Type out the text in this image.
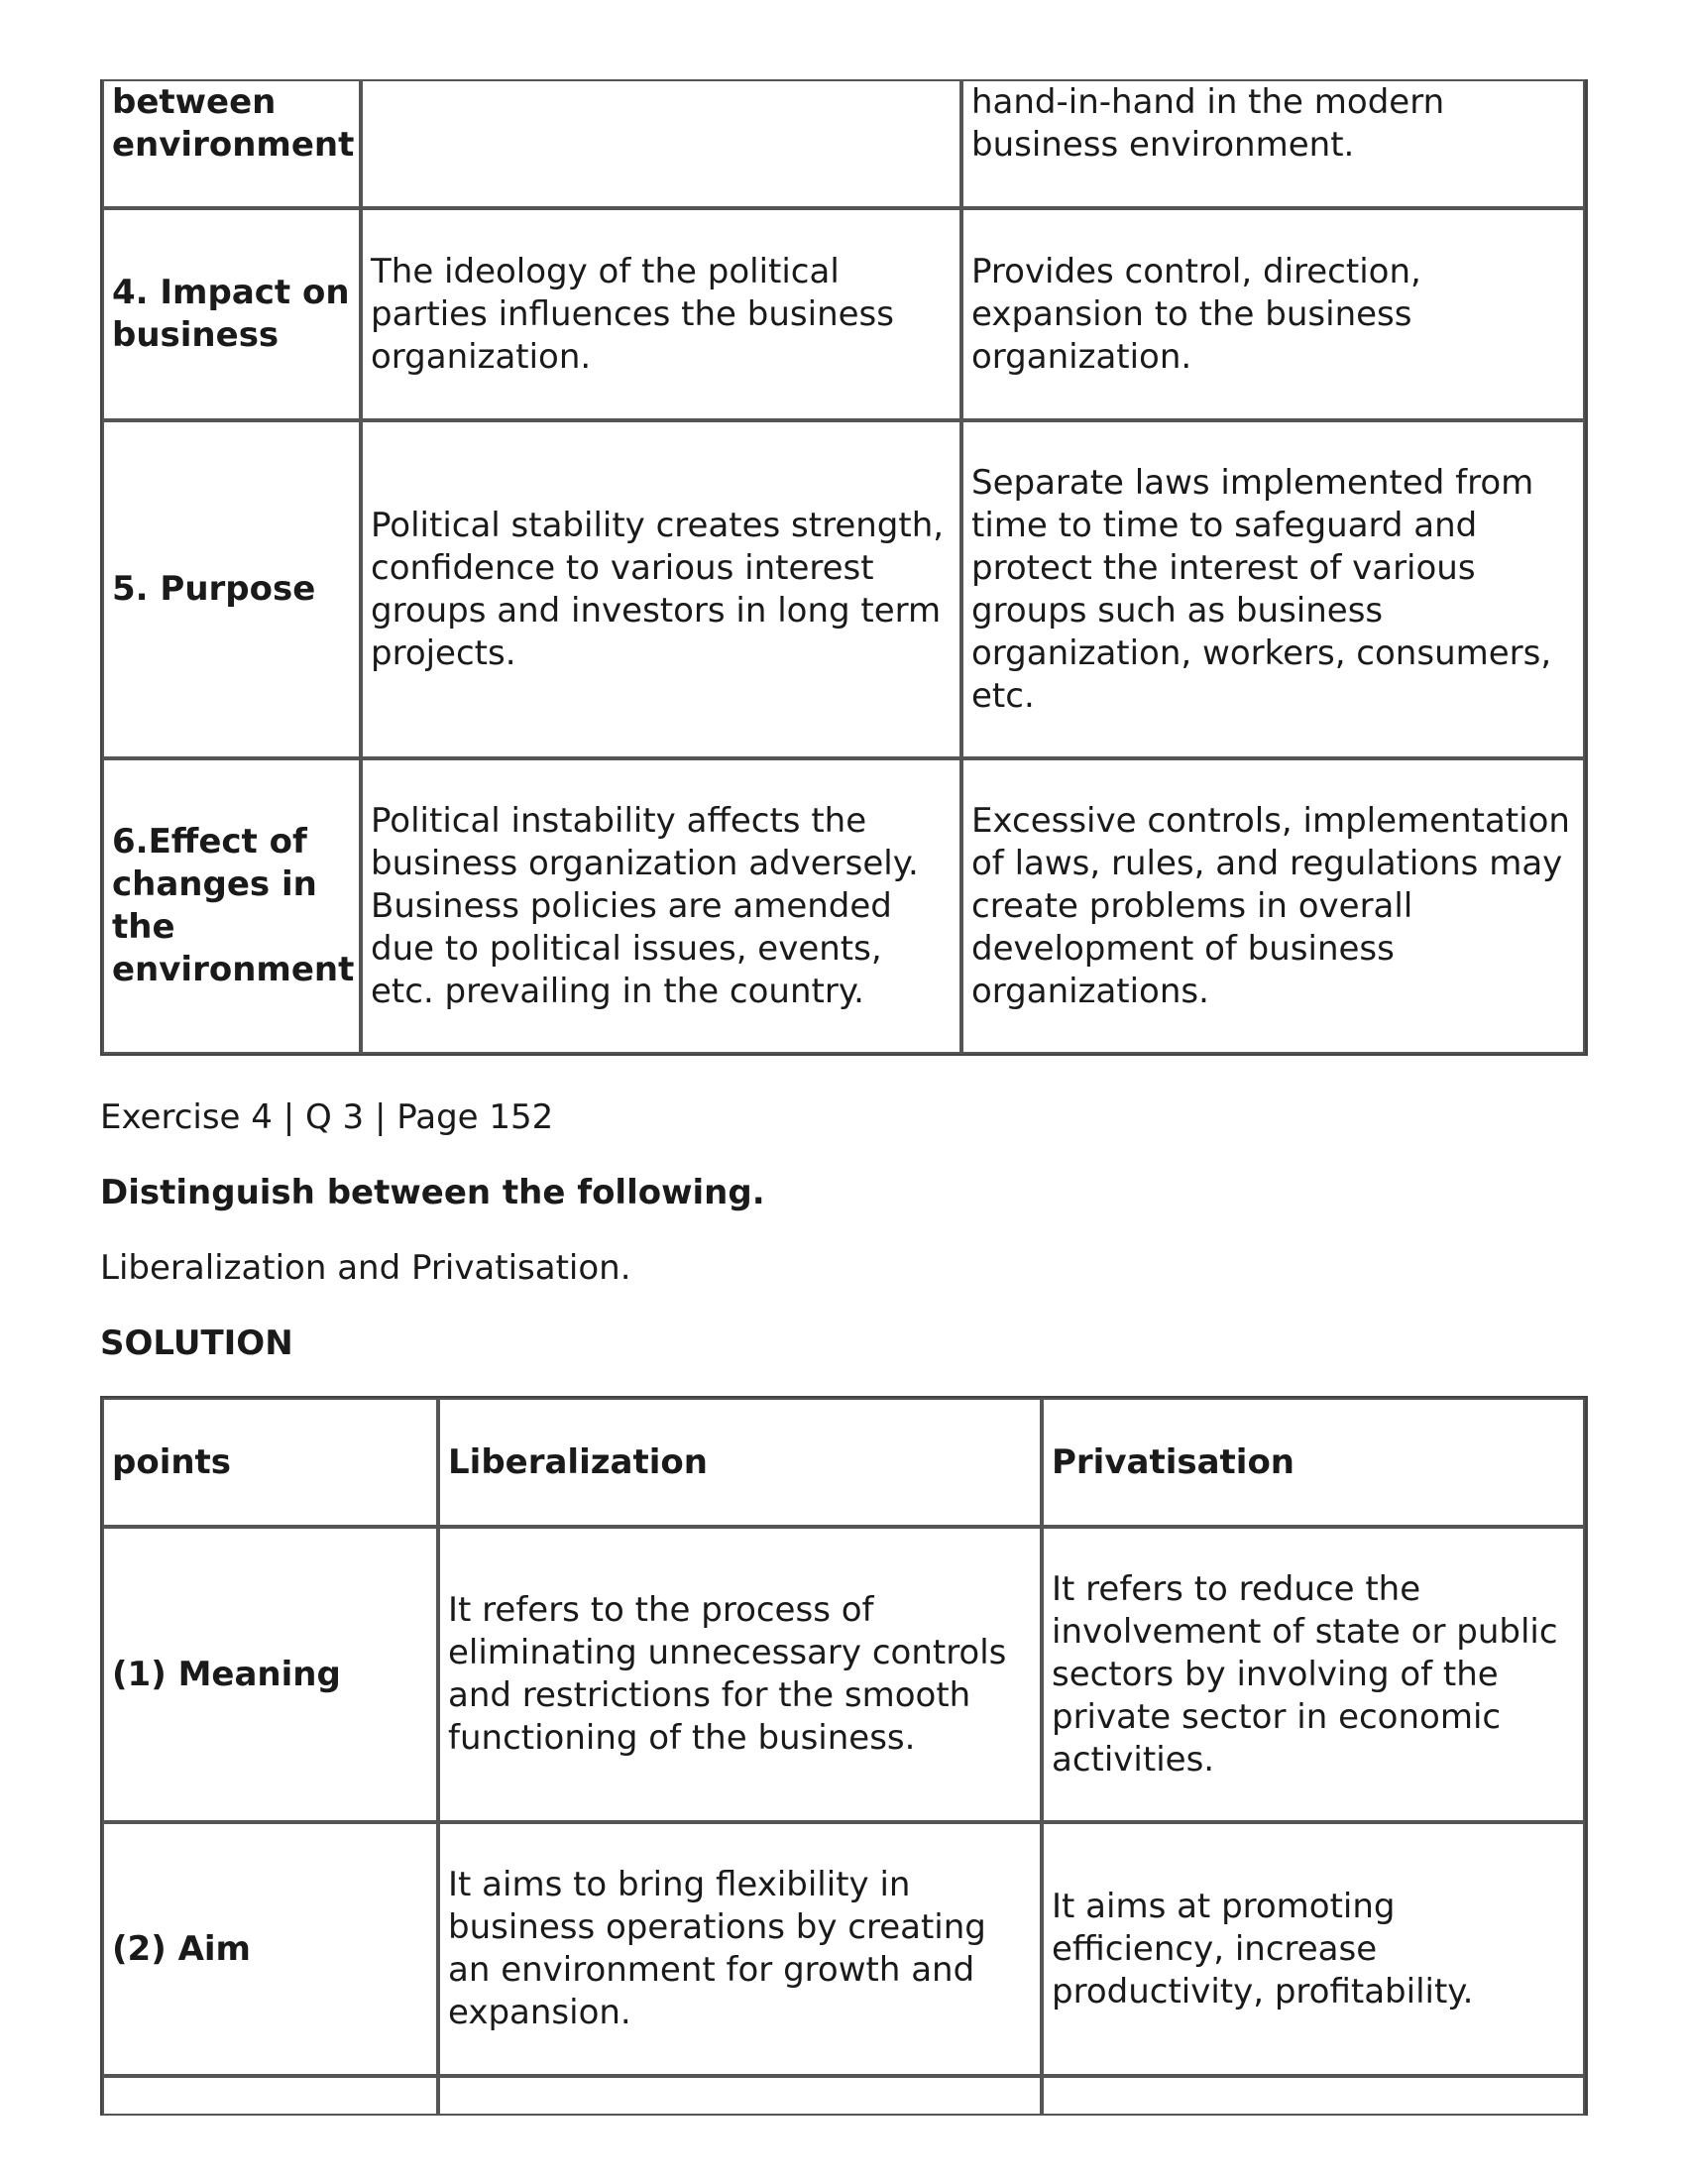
between environment		hand-in-hand in the modern business environment.
4. Impact on business	The ideology of the political parties influences the business organization.	Provides control, direction, expansion to the business organization.
5. Purpose	Political stability creates strength, confidence to various interest groups and investors in long term projects.	Separate laws implemented from time to time to safeguard and protect the interest of various groups such as business organization, workers, consumers, etc.
6.Effect of changes in the environment	Political instability affects the business organization adversely. Business policies are amended due to political issues, events, etc. prevailing in the country.	Excessive controls, implementation of laws, rules, and regulations may create problems in overall development of business organizations.

Exercise 4 | Q 3 | Page 152

Distinguish between the following.

Liberalization and Privatisation.

SOLUTION

points	Liberalization	Privatisation
(1) Meaning	It refers to the process of eliminating unnecessary controls and restrictions for the smooth functioning of the business.	It refers to reduce the involvement of state or public sectors by involving of the private sector in economic activities.
(2) Aim	It aims to bring flexibility in business operations by creating an environment for growth and expansion.	It aims at promoting efficiency, increase productivity, profitability.
